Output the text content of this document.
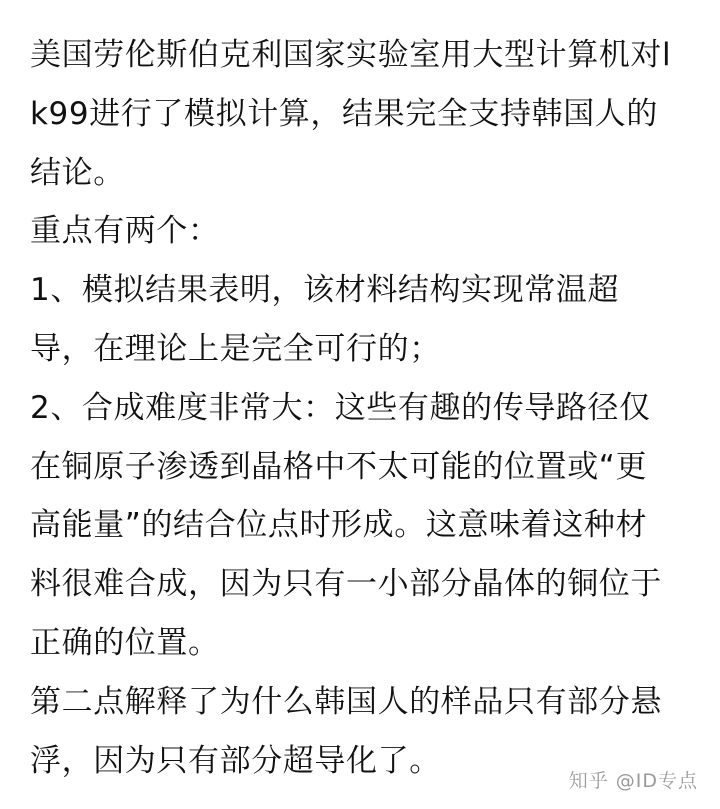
美国劳伦斯伯克利国家实验室用大型计算机对l
k99进行了模拟计算，结果完全支持韩国人的
结论。
重点有两个：
1、模拟结果表明，该材料结构实现常温超
导，在理论上是完全可行的；
2、合成难度非常大：这些有趣的传导路径仅
在铜原子渗透到晶格中不太可能的位置或“更
高能量”的结合位点时形成。这意味着这种材
料很难合成，因为只有一小部分晶体的铜位于
正确的位置。
第二点解释了为什么韩国人的样品只有部分悬
浮，因为只有部分超导化了。
知乎 @ID专点
